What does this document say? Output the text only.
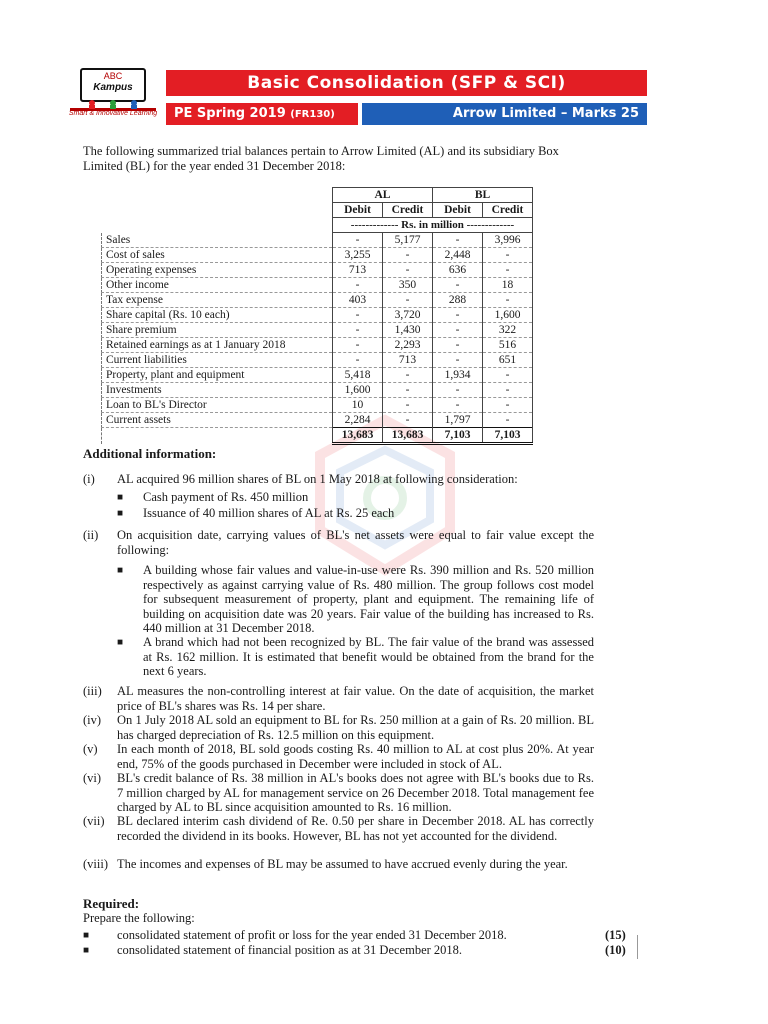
ABC
Kampus
Smart & Innovative Learning
Basic Consolidation (SFP & SCI)
PE Spring 2019 (FR130)	Arrow Limited – Marks 25
The following summarized trial balances pertain to Arrow Limited (AL) and its subsidiary Box Limited (BL) for the year ended 31 December 2018:
	AL		BL	
	Debit	Credit	Debit	Credit
	------------- Rs. in million -------------			
Sales	-	5,177	-	3,996
Cost of sales	3,255	-	2,448	-
Operating expenses	713	-	636	-
Other income	-	350	-	18
Tax expense	403	-	288	-
Share capital (Rs. 10 each)	-	3,720	-	1,600
Share premium	-	1,430	-	322
Retained earnings as at 1 January 2018	-	2,293	-	516
Current liabilities	-	713	-	651
Property, plant and equipment	5,418	-	1,934	-
Investments	1,600	-	-	-
Loan to BL's Director	10	-	-	-
Current assets	2,284	-	1,797	-
	13,683	13,683	7,103	7,103
Additional information:
(i) AL acquired 96 million shares of BL on 1 May 2018 at following consideration:
■ Cash payment of Rs. 450 million
■ Issuance of 40 million shares of AL at Rs. 25 each
(ii) On acquisition date, carrying values of BL's net assets were equal to fair value except the following:
■ A building whose fair values and value-in-use were Rs. 390 million and Rs. 520 million respectively as against carrying value of Rs. 480 million. The group follows cost model for subsequent measurement of property, plant and equipment. The remaining life of building on acquisition date was 20 years. Fair value of the building has increased to Rs. 440 million at 31 December 2018.
■ A brand which had not been recognized by BL. The fair value of the brand was assessed at Rs. 162 million. It is estimated that benefit would be obtained from the brand for the next 6 years.
(iii) AL measures the non-controlling interest at fair value. On the date of acquisition, the market price of BL's shares was Rs. 14 per share.
(iv) On 1 July 2018 AL sold an equipment to BL for Rs. 250 million at a gain of Rs. 20 million. BL has charged depreciation of Rs. 12.5 million on this equipment.
(v) In each month of 2018, BL sold goods costing Rs. 40 million to AL at cost plus 20%. At year end, 75% of the goods purchased in December were included in stock of AL.
(vi) BL's credit balance of Rs. 38 million in AL's books does not agree with BL's books due to Rs. 7 million charged by AL for management service on 26 December 2018. Total management fee charged by AL to BL since acquisition amounted to Rs. 16 million.
(vii) BL declared interim cash dividend of Re. 0.50 per share in December 2018. AL has correctly recorded the dividend in its books. However, BL has not yet accounted for the dividend.
(viii) The incomes and expenses of BL may be assumed to have accrued evenly during the year.
Required:
Prepare the following:
■ consolidated statement of profit or loss for the year ended 31 December 2018.	(15)
■ consolidated statement of financial position as at 31 December 2018.	(10)
